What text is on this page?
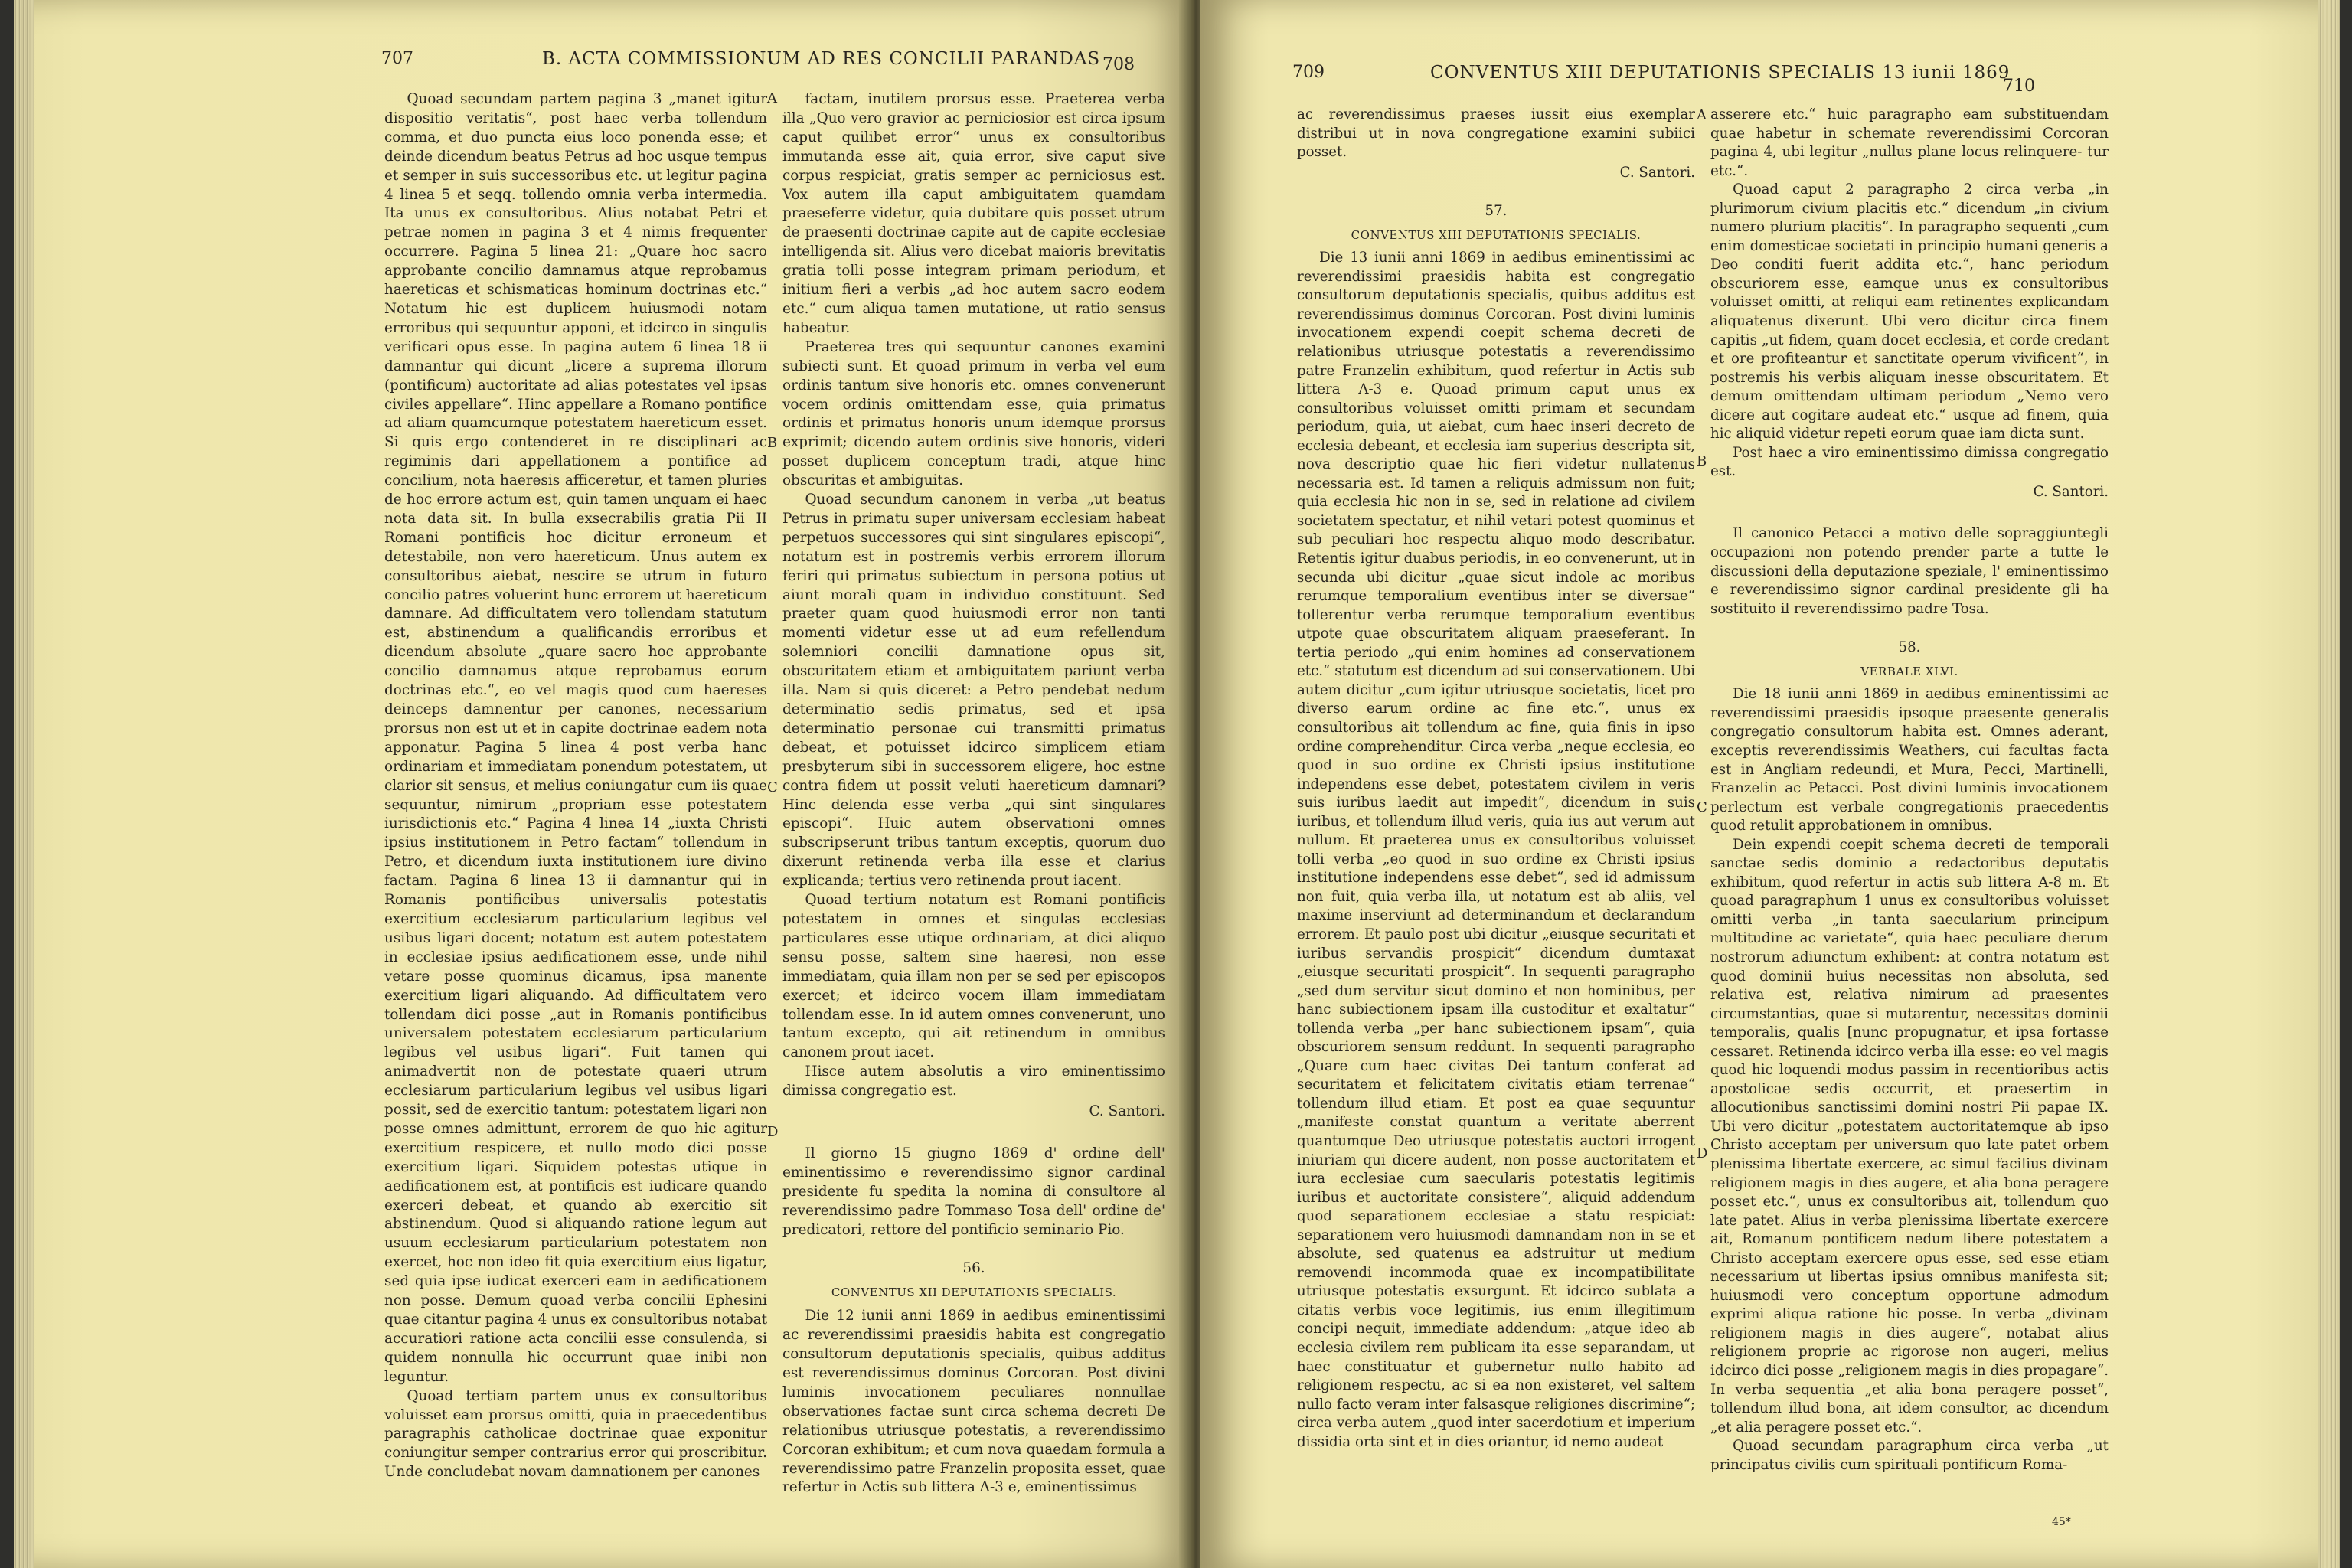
707	B. ACTA COMMISSIONUM AD RES CONCILII PARANDAS 708

Quoad secundam partem pagina 3 „manet igitur dispositio veritatis“, post haec verba tollendum comma, et duo puncta eius loco ponenda esse; et deinde dicendum beatus Petrus ad hoc usque tempus et semper in suis successoribus etc. ut legitur pagina 4 linea 5 et seqq. tollendo omnia verba intermedia. Ita unus ex consultoribus. Alius notabat Petri et petrae nomen in pagina 3 et 4 nimis frequenter occurrere. Pagina 5 linea 21: „Quare hoc sacro approbante concilio damnamus atque reprobamus haereticas et schismaticas hominum doctrinas etc.“ Notatum hic est duplicem huiusmodi notam erroribus qui sequuntur apponi, et idcirco in singulis verificari opus esse. In pagina autem 6 linea 18 ii damnantur qui dicunt „licere a suprema illorum (pontificum) auctoritate ad alias potestates vel ipsas civiles appellare“. Hinc appellare a Romano pontifice ad aliam quamcumque potestatem haereticum esset. Si quis ergo contenderet in re disciplinari ac regiminis dari appellationem a pontifice ad concilium, nota haeresis afficeretur, et tamen pluries de hoc errore actum est, quin tamen unquam ei haec nota data sit. In bulla exsecrabilis gratia Pii II Romani pontificis hoc dicitur erroneum et detestabile, non vero haereticum. Unus autem ex consultoribus aiebat, nescire se utrum in futuro concilio patres voluerint hunc errorem ut haereticum damnare. Ad difficultatem vero tollendam statutum est, abstinendum a qualificandis erroribus et dicendum absolute „quare sacro hoc approbante concilio damnamus atque reprobamus eorum doctrinas etc.“, eo vel magis quod cum haereses deinceps damnentur per canones, necessarium prorsus non est ut et in capite doctrinae eadem nota apponatur. Pagina 5 linea 4 post verba hanc ordinariam et immediatam ponendum potestatem, ut clarior sit sensus, et melius coniungatur cum iis quae sequuntur, nimirum „propriam esse potestatem iurisdictionis etc.“ Pagina 4 linea 14 „iuxta Christi ipsius institutionem in Petro factam“ tollendum in Petro, et dicendum iuxta institutionem iure divino factam. Pagina 6 linea 13 ii damnantur qui in Romanis pontificibus universalis potestatis exercitium ecclesiarum particularium legibus vel usibus ligari docent; notatum est autem potestatem in ecclesiae ipsius aedificationem esse, unde nihil vetare posse quominus dicamus, ipsa manente exercitium ligari aliquando. Ad difficultatem vero tollendam dici posse „aut in Romanis pontificibus universalem potestatem ecclesiarum particularium legibus vel usibus ligari“. Fuit tamen qui animadvertit non de potestate quaeri utrum ecclesiarum particularium legibus vel usibus ligari possit, sed de exercitio tantum: potestatem ligari non posse omnes admittunt, errorem de quo hic agitur exercitium respicere, et nullo modo dici posse exercitium ligari. Siquidem potestas utique in aedificationem est, at pontificis est iudicare quando exerceri debeat, et quando ab exercitio sit abstinendum. Quod si aliquando ratione legum aut usuum ecclesiarum particularium potestatem non exercet, hoc non ideo fit quia exercitium eius ligatur, sed quia ipse iudicat exerceri eam in aedificationem non posse. Demum quoad verba concilii Ephesini quae citantur pagina 4 unus ex consultoribus notabat accuratiori ratione acta concilii esse consulenda, si quidem nonnulla hic occurrunt quae inibi non leguntur.

Quoad tertiam partem unus ex consultoribus voluisset eam prorsus omitti, quia in praecedentibus paragraphis catholicae doctrinae quae exponitur coniungitur semper contrarius error qui proscribitur. Unde concludebat novam damnationem per canones

factam, inutilem prorsus esse. Praeterea verba illa „Quo vero gravior ac perniciosior est circa ipsum caput quilibet error“ unus ex consultoribus immutanda esse ait, quia error, sive caput sive corpus respiciat, gratis semper ac perniciosus est. Vox autem illa caput ambiguitatem quamdam praeseferre videtur, quia dubitare quis posset utrum de praesenti doctrinae capite aut de capite ecclesiae intelligenda sit. Alius vero dicebat maioris brevitatis gratia tolli posse integram primam periodum, et initium fieri a verbis „ad hoc autem sacro eodem etc.“ cum aliqua tamen mutatione, ut ratio sensus habeatur.

Praeterea tres qui sequuntur canones examini subiecti sunt. Et quoad primum in verba vel eum ordinis tantum sive honoris etc. omnes convenerunt vocem ordinis omittendam esse, quia primatus ordinis et primatus honoris unum idemque prorsus exprimit; dicendo autem ordinis sive honoris, videri posset duplicem conceptum tradi, atque hinc obscuritas et ambiguitas.

Quoad secundum canonem in verba „ut beatus Petrus in primatu super universam ecclesiam habeat perpetuos successores qui sint singulares episcopi“, notatum est in postremis verbis errorem illorum feriri qui primatus subiectum in persona potius ut aiunt morali quam in individuo constituunt. Sed praeter quam quod huiusmodi error non tanti momenti videtur esse ut ad eum refellendum solemniori concilii damnatione opus sit, obscuritatem etiam et ambiguitatem pariunt verba illa. Nam si quis diceret: a Petro pendebat nedum determinatio sedis primatus, sed et ipsa determinatio personae cui transmitti primatus debeat, et potuisset idcirco simplicem etiam presbyterum sibi in successorem eligere, hoc estne contra fidem ut possit veluti haereticum damnari? Hinc delenda esse verba „qui sint singulares episcopi“. Huic autem observationi omnes subscripserunt tribus tantum exceptis, quorum duo dixerunt retinenda verba illa esse et clarius explicanda; tertius vero retinenda prout iacent.

Quoad tertium notatum est Romani pontificis potestatem in omnes et singulas ecclesias particulares esse utique ordinariam, at dici aliquo sensu posse, saltem sine haeresi, non esse immediatam, quia illam non per se sed per episcopos exercet; et idcirco vocem illam immediatam tollendam esse. In id autem omnes convenerunt, uno tantum excepto, qui ait retinendum in omnibus canonem prout iacet.

Hisce autem absolutis a viro eminentissimo dimissa congregatio est.

C. Santori.

Il giorno 15 giugno 1869 d' ordine dell' eminentissimo e reverendissimo signor cardinal presidente fu spedita la nomina di consultore al reverendissimo padre Tommaso Tosa dell' ordine de' predicatori, rettore del pontificio seminario Pio.

56.

CONVENTUS XII DEPUTATIONIS SPECIALIS.

Die 12 iunii anni 1869 in aedibus eminentissimi ac reverendissimi praesidis habita est congregatio consultorum deputationis specialis, quibus additus est reverendissimus dominus Corcoran. Post divini luminis invocationem peculiares nonnullae observationes factae sunt circa schema decreti De relationibus utriusque potestatis, a reverendissimo Corcoran exhibitum; et cum nova quaedam formula a reverendissimo patre Franzelin proposita esset, quae refertur in Actis sub littera A-3 e, eminentissimus

A
B
C
D
709	CONVENTUS XIII DEPUTATIONIS SPECIALIS 13 iunii 1869
710

ac reverendissimus praeses iussit eius exemplar distribui ut in nova congregatione examini subiici posset.

C. Santori.

57.

CONVENTUS XIII DEPUTATIONIS SPECIALIS.

Die 13 iunii anni 1869 in aedibus eminentissimi ac reverendissimi praesidis habita est congregatio consultorum deputationis specialis, quibus additus est reverendissimus dominus Corcoran. Post divini luminis invocationem expendi coepit schema decreti de relationibus utriusque potestatis a reverendissimo patre Franzelin exhibitum, quod refertur in Actis sub littera A-3 e. Quoad primum caput unus ex consultoribus voluisset omitti primam et secundam periodum, quia, ut aiebat, cum haec inseri decreto de ecclesia debeant, et ecclesia iam superius descripta sit, nova descriptio quae hic fieri videtur nullatenus necessaria est. Id tamen a reliquis admissum non fuit; quia ecclesia hic non in se, sed in relatione ad civilem societatem spectatur, et nihil vetari potest quominus et sub peculiari hoc respectu aliquo modo describatur. Retentis igitur duabus periodis, in eo convenerunt, ut in secunda ubi dicitur „quae sicut indole ac moribus rerumque temporalium eventibus inter se diversae“ tollerentur verba rerumque temporalium eventibus utpote quae obscuritatem aliquam praeseferant. In tertia periodo „qui enim homines ad conservationem etc.“ statutum est dicendum ad sui conservationem. Ubi autem dicitur „cum igitur utriusque societatis, licet pro diverso earum ordine ac fine etc.“, unus ex consultoribus ait tollendum ac fine, quia finis in ipso ordine comprehenditur. Circa verba „neque ecclesia, eo quod in suo ordine ex Christi ipsius institutione independens esse debet, potestatem civilem in veris suis iuribus laedit aut impedit“, dicendum in suis iuribus, et tollendum illud veris, quia ius aut verum aut nullum. Et praeterea unus ex consultoribus voluisset tolli verba „eo quod in suo ordine ex Christi ipsius institutione independens esse debet“, sed id admissum non fuit, quia verba illa, ut notatum est ab aliis, vel maxime inserviunt ad determinandum et declarandum errorem. Et paulo post ubi dicitur „eiusque securitati et iuribus servandis prospicit“ dicendum dumtaxat „eiusque securitati prospicit“. In sequenti paragrapho „sed dum servitur sicut domino et non hominibus, per hanc subiectionem ipsam illa custoditur et exaltatur“ tollenda verba „per hanc subiectionem ipsam“, quia obscuriorem sensum reddunt. In sequenti paragrapho „Quare cum haec civitas Dei tantum conferat ad securitatem et felicitatem civitatis etiam terrenae“ tollendum illud etiam. Et post ea quae sequuntur „manifeste constat quantum a veritate aberrent quantumque Deo utriusque potestatis auctori irrogent iniuriam qui dicere audent, non posse auctoritatem et iura ecclesiae cum saecularis potestatis legitimis iuribus et auctoritate consistere“, aliquid addendum quod separationem ecclesiae a statu respiciat: separationem vero huiusmodi damnandam non in se et absolute, sed quatenus ea adstruitur ut medium removendi incommoda quae ex incompatibilitate utriusque potestatis exsurgunt. Et idcirco sublata a citatis verbis voce legitimis, ius enim illegitimum concipi nequit, immediate addendum: „atque ideo ab ecclesia civilem rem publicam ita esse separandam, ut haec constituatur et gubernetur nullo habito ad religionem respectu, ac si ea non existeret, vel saltem nullo facto veram inter falsasque religiones discrimine“; circa verba autem „quod inter sacerdotium et imperium dissidia orta sint et in dies oriantur, id nemo audeat

asserere etc.“ huic paragrapho eam substituendam quae habetur in schemate reverendissimi Corcoran pagina 4, ubi legitur „nullus plane locus relinquere- tur etc.“.

Quoad caput 2 paragrapho 2 circa verba „in plurimorum civium placitis etc.“ dicendum „in civium numero plurium placitis“. In paragrapho sequenti „cum enim domesticae societati in principio humani generis a Deo conditi fuerit addita etc.“, hanc periodum obscuriorem esse, eamque unus ex consultoribus voluisset omitti, at reliqui eam retinentes explicandam aliquatenus dixerunt. Ubi vero dicitur circa finem capitis „ut fidem, quam docet ecclesia, et corde credant et ore profiteantur et sanctitate operum vivificent“, in postremis his verbis aliquam inesse obscuritatem. Et demum omittendam ultimam periodum „Nemo vero dicere aut cogitare audeat etc.“ usque ad finem, quia hic aliquid videtur repeti eorum quae iam dicta sunt.

Post haec a viro eminentissimo dimissa congregatio est.

C. Santori.

Il canonico Petacci a motivo delle sopraggiuntegli occupazioni non potendo prender parte a tutte le discussioni della deputazione speziale, l' eminentissimo e reverendissimo signor cardinal presidente gli ha sostituito il reverendissimo padre Tosa.

58.

VERBALE XLVI.

Die 18 iunii anni 1869 in aedibus eminentissimi ac reverendissimi praesidis ipsoque praesente generalis congregatio consultorum habita est. Omnes aderant, exceptis reverendissimis Weathers, cui facultas facta est in Angliam redeundi, et Mura, Pecci, Martinelli, Franzelin ac Petacci. Post divini luminis invocationem perlectum est verbale congregationis praecedentis quod retulit approbationem in omnibus.

Dein expendi coepit schema decreti de temporali sanctae sedis dominio a redactoribus deputatis exhibitum, quod refertur in actis sub littera A-8 m. Et quoad paragraphum 1 unus ex consultoribus voluisset omitti verba „in tanta saecularium principum multitudine ac varietate“, quia haec peculiare dierum nostrorum adiunctum exhibent: at contra notatum est quod dominii huius necessitas non absoluta, sed relativa est, relativa nimirum ad praesentes circumstantias, quae si mutarentur, necessitas dominii temporalis, qualis [nunc propugnatur, et ipsa fortasse cessaret. Retinenda idcirco verba illa esse: eo vel magis quod hic loquendi modus passim in recentioribus actis apostolicae sedis occurrit, et praesertim in allocutionibus sanctissimi domini nostri Pii papae IX. Ubi vero dicitur „potestatem auctoritatemque ab ipso Christo acceptam per universum quo late patet orbem plenissima libertate exercere, ac simul facilius divinam religionem magis in dies augere, et alia bona peragere posset etc.“, unus ex consultoribus ait, tollendum quo late patet. Alius in verba plenissima libertate exercere ait, Romanum pontificem nedum libere potestatem a Christo acceptam exercere opus esse, sed esse etiam necessarium ut libertas ipsius omnibus manifesta sit; huiusmodi vero conceptum opportune admodum exprimi aliqua ratione hic posse. In verba „divinam religionem magis in dies augere“, notabat alius religionem proprie ac rigorose non augeri, melius idcirco dici posse „religionem magis in dies propagare“. In verba sequentia „et alia bona peragere posset“, tollendum illud bona, ait idem consultor, ac dicendum „et alia peragere posset etc.“.

Quoad secundam paragraphum circa verba „ut principatus civilis cum spirituali pontificum Roma-

A
B
C
D
45*
